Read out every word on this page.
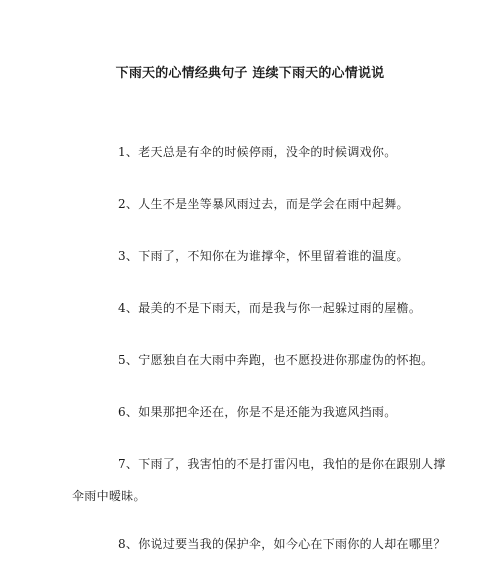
下雨天的心情经典句子 连续下雨天的心情说说
1、老天总是有伞的时候停雨，没伞的时候调戏你。
2、人生不是坐等暴风雨过去，而是学会在雨中起舞。
3、下雨了，不知你在为谁撑伞，怀里留着谁的温度。
4、最美的不是下雨天，而是我与你一起躲过雨的屋檐。
5、宁愿独自在大雨中奔跑，也不愿投进你那虚伪的怀抱。
6、如果那把伞还在，你是不是还能为我遮风挡雨。
7、下雨了，我害怕的不是打雷闪电，我怕的是你在跟别人撑
伞雨中暧昧。
8、你说过要当我的保护伞，如今心在下雨你的人却在哪里？
